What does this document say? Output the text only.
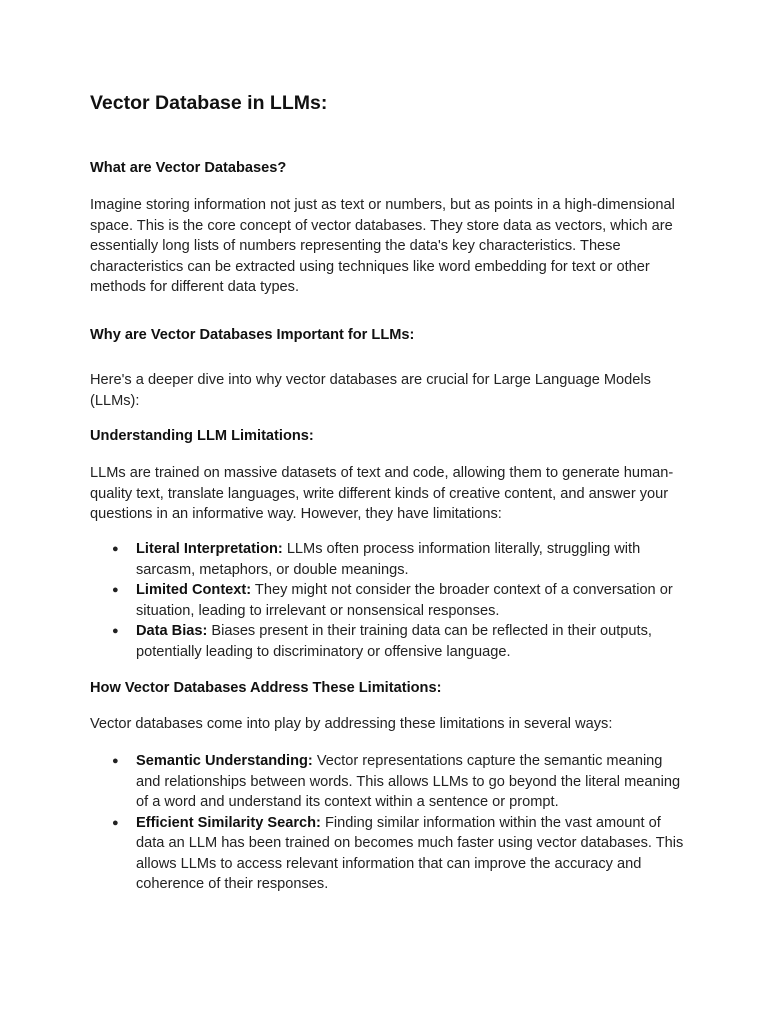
Vector Database in LLMs:
What are Vector Databases?

Imagine storing information not just as text or numbers, but as points in a high-dimensional space. This is the core concept of vector databases. They store data as vectors, which are essentially long lists of numbers representing the data's key characteristics. These characteristics can be extracted using techniques like word embedding for text or other methods for different data types.

Why are Vector Databases Important for LLMs:

Here's a deeper dive into why vector databases are crucial for Large Language Models (LLMs):

Understanding LLM Limitations:

LLMs are trained on massive datasets of text and code, allowing them to generate human-quality text, translate languages, write different kinds of creative content, and answer your questions in an informative way. However, they have limitations:

● Literal Interpretation: LLMs often process information literally, struggling with sarcasm, metaphors, or double meanings.
● Limited Context: They might not consider the broader context of a conversation or situation, leading to irrelevant or nonsensical responses.
● Data Bias: Biases present in their training data can be reflected in their outputs, potentially leading to discriminatory or offensive language.
How Vector Databases Address These Limitations:

Vector databases come into play by addressing these limitations in several ways:

● Semantic Understanding: Vector representations capture the semantic meaning and relationships between words. This allows LLMs to go beyond the literal meaning of a word and understand its context within a sentence or prompt.
● Efficient Similarity Search: Finding similar information within the vast amount of data an LLM has been trained on becomes much faster using vector databases. This allows LLMs to access relevant information that can improve the accuracy and coherence of their responses.
